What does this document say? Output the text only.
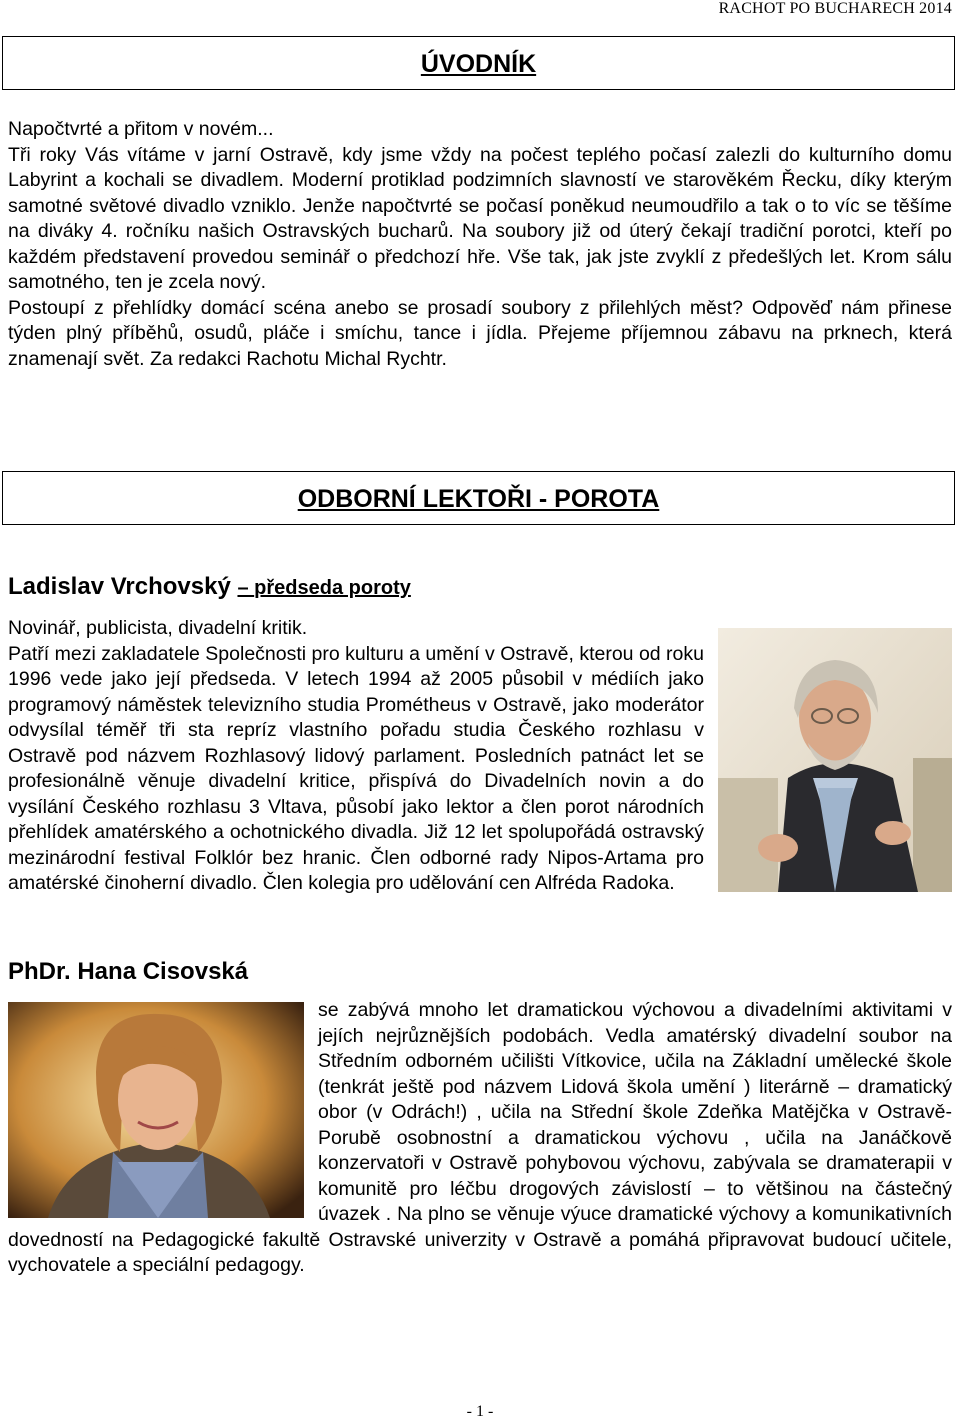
RACHOT PO BUCHARECH 2014
ÚVODNÍK

Napočtvrté a přitom v novém...

Tři roky Vás vítáme v jarní Ostravě, kdy jsme vždy na počest teplého počasí zalezli do kulturního domu Labyrint a kochali se divadlem. Moderní protiklad podzimních slavností ve starověkém Řecku, díky kterým samotné světové divadlo vzniklo. Jenže napočtvrté se počasí poněkud neumoudřilo a tak o to víc se těšíme na diváky 4. ročníku našich Ostravských bucharů. Na soubory již od úterý čekají tradiční porotci, kteří po každém představení provedou seminář o předchozí hře. Vše tak, jak jste zvyklí z předešlých let. Krom sálu samotného, ten je zcela nový.

Postoupí z přehlídky domácí scéna anebo se prosadí soubory z přilehlých měst? Odpověď nám přinese týden plný příběhů, osudů, pláče i smíchu, tance i jídla. Přejeme příjemnou zábavu na prknech, která znamenají svět. Za redakci Rachotu Michal Rychtr.

ODBORNÍ LEKTOŘI - POROTA
Ladislav Vrchovský – předseda poroty

Novinář, publicista, divadelní kritik.

Patří mezi zakladatele Společnosti pro kulturu a umění v Ostravě, kterou od roku 1996 vede jako její předseda. V letech 1994 až 2005 působil v médiích jako programový náměstek televizního studia Prométheus v Ostravě, jako moderátor odvysílal téměř tři sta repríz vlastního pořadu studia Českého rozhlasu v Ostravě pod názvem Rozhlasový lidový parlament. Posledních patnáct let se profesionálně věnuje divadelní kritice, přispívá do Divadelních novin a do vysílání Českého rozhlasu 3 Vltava, působí jako lektor a člen porot národních přehlídek amatérského a ochotnického divadla. Již 12 let spolupořádá ostravský mezinárodní festival Folklór bez hranic. Člen odborné rady Nipos-Artama pro amatérské činoherní divadlo. Člen kolegia pro udělování cen Alfréda Radoka.

PhDr. Hana Cisovská

se zabývá mnoho let dramatickou výchovou a divadelními aktivitami v jejích nejrůznějších podobách. Vedla amatérský divadelní soubor na Středním odborném učilišti Vítkovice, učila na Základní umělecké škole (tenkrát ještě pod názvem Lidová škola umění ) literárně – dramatický obor (v Odrách!) , učila na Střední škole Zdeňka Matějčka v Ostravě- Porubě osobnostní a dramatickou výchovu , učila na Janáčkově konzervatoři v Ostravě pohybovou výchovu, zabývala se dramaterapii v komunitě pro léčbu drogových závislostí – to většinou na částečný úvazek . Na plno se věnuje výuce dramatické výchovy a komunikativních dovedností na Pedagogické fakultě Ostravské univerzity v Ostravě a pomáhá připravovat budoucí učitele, vychovatele a speciální pedagogy.

- 1 -
